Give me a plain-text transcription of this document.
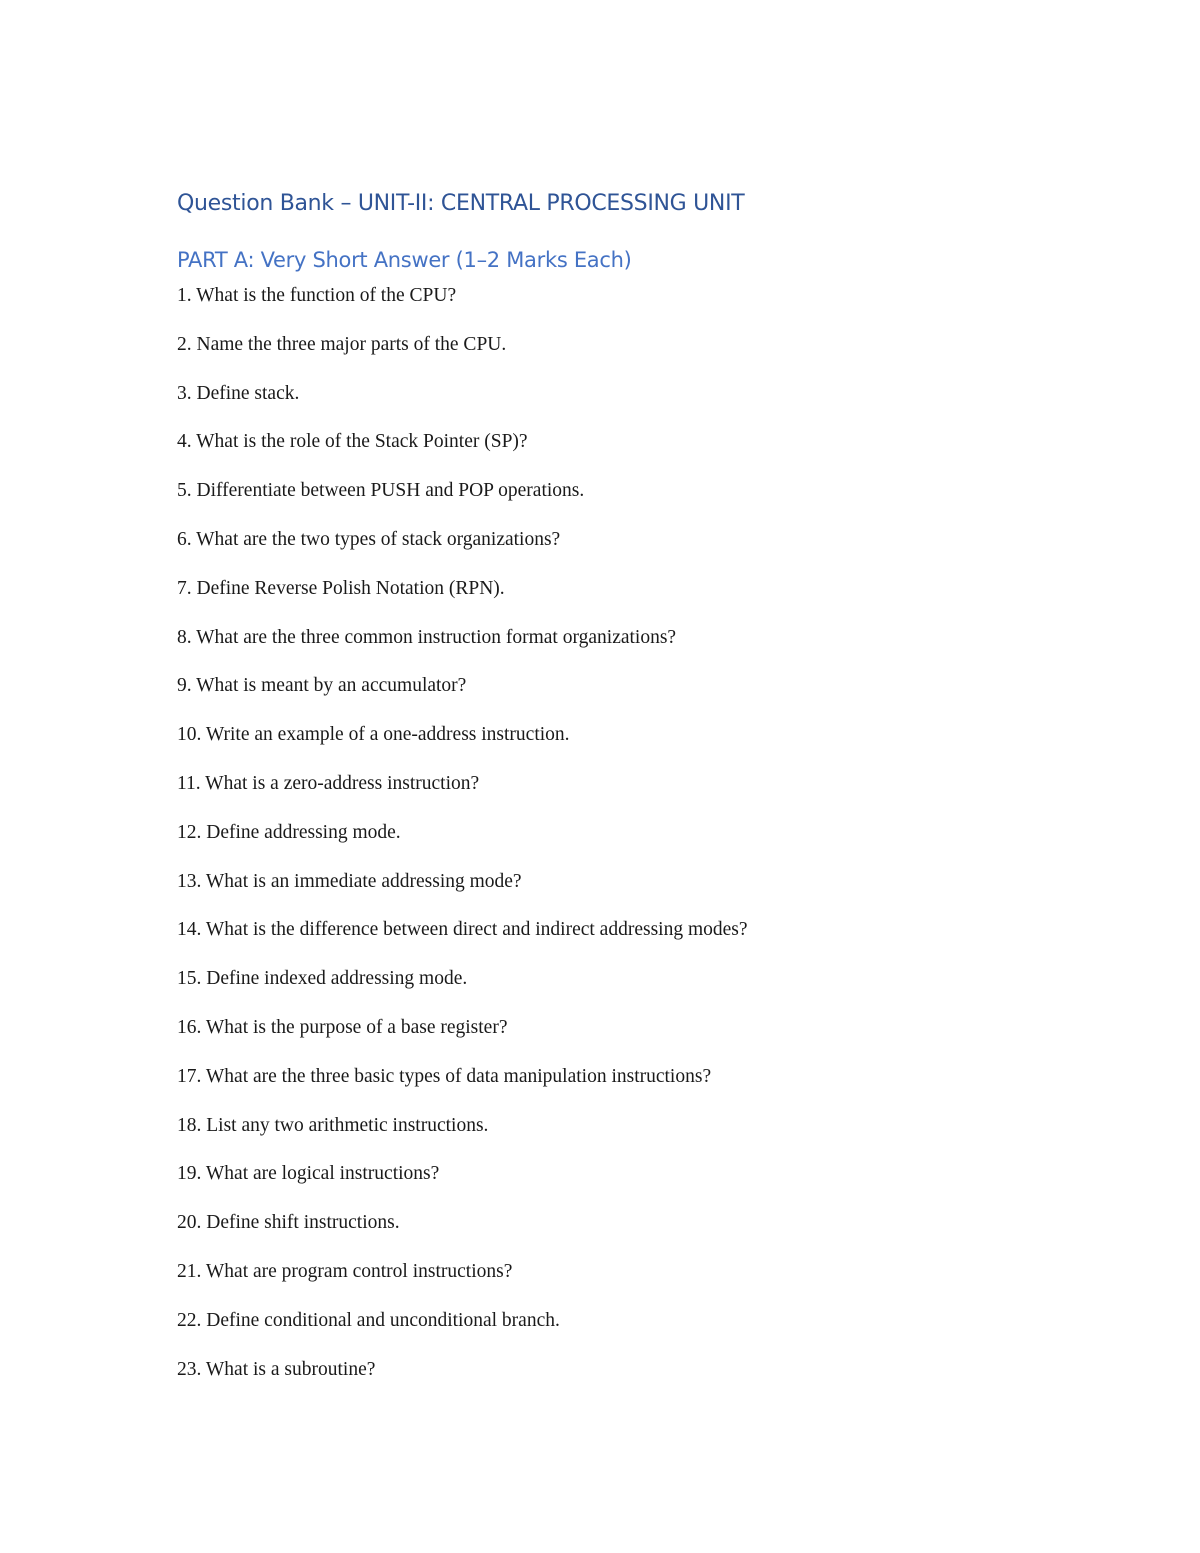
Question Bank – UNIT-II: CENTRAL PROCESSING UNIT
PART A: Very Short Answer (1–2 Marks Each)
1. What is the function of the CPU?
2. Name the three major parts of the CPU.
3. Define stack.
4. What is the role of the Stack Pointer (SP)?
5. Differentiate between PUSH and POP operations.
6. What are the two types of stack organizations?
7. Define Reverse Polish Notation (RPN).
8. What are the three common instruction format organizations?
9. What is meant by an accumulator?
10. Write an example of a one-address instruction.
11. What is a zero-address instruction?
12. Define addressing mode.
13. What is an immediate addressing mode?
14. What is the difference between direct and indirect addressing modes?
15. Define indexed addressing mode.
16. What is the purpose of a base register?
17. What are the three basic types of data manipulation instructions?
18. List any two arithmetic instructions.
19. What are logical instructions?
20. Define shift instructions.
21. What are program control instructions?
22. Define conditional and unconditional branch.
23. What is a subroutine?
